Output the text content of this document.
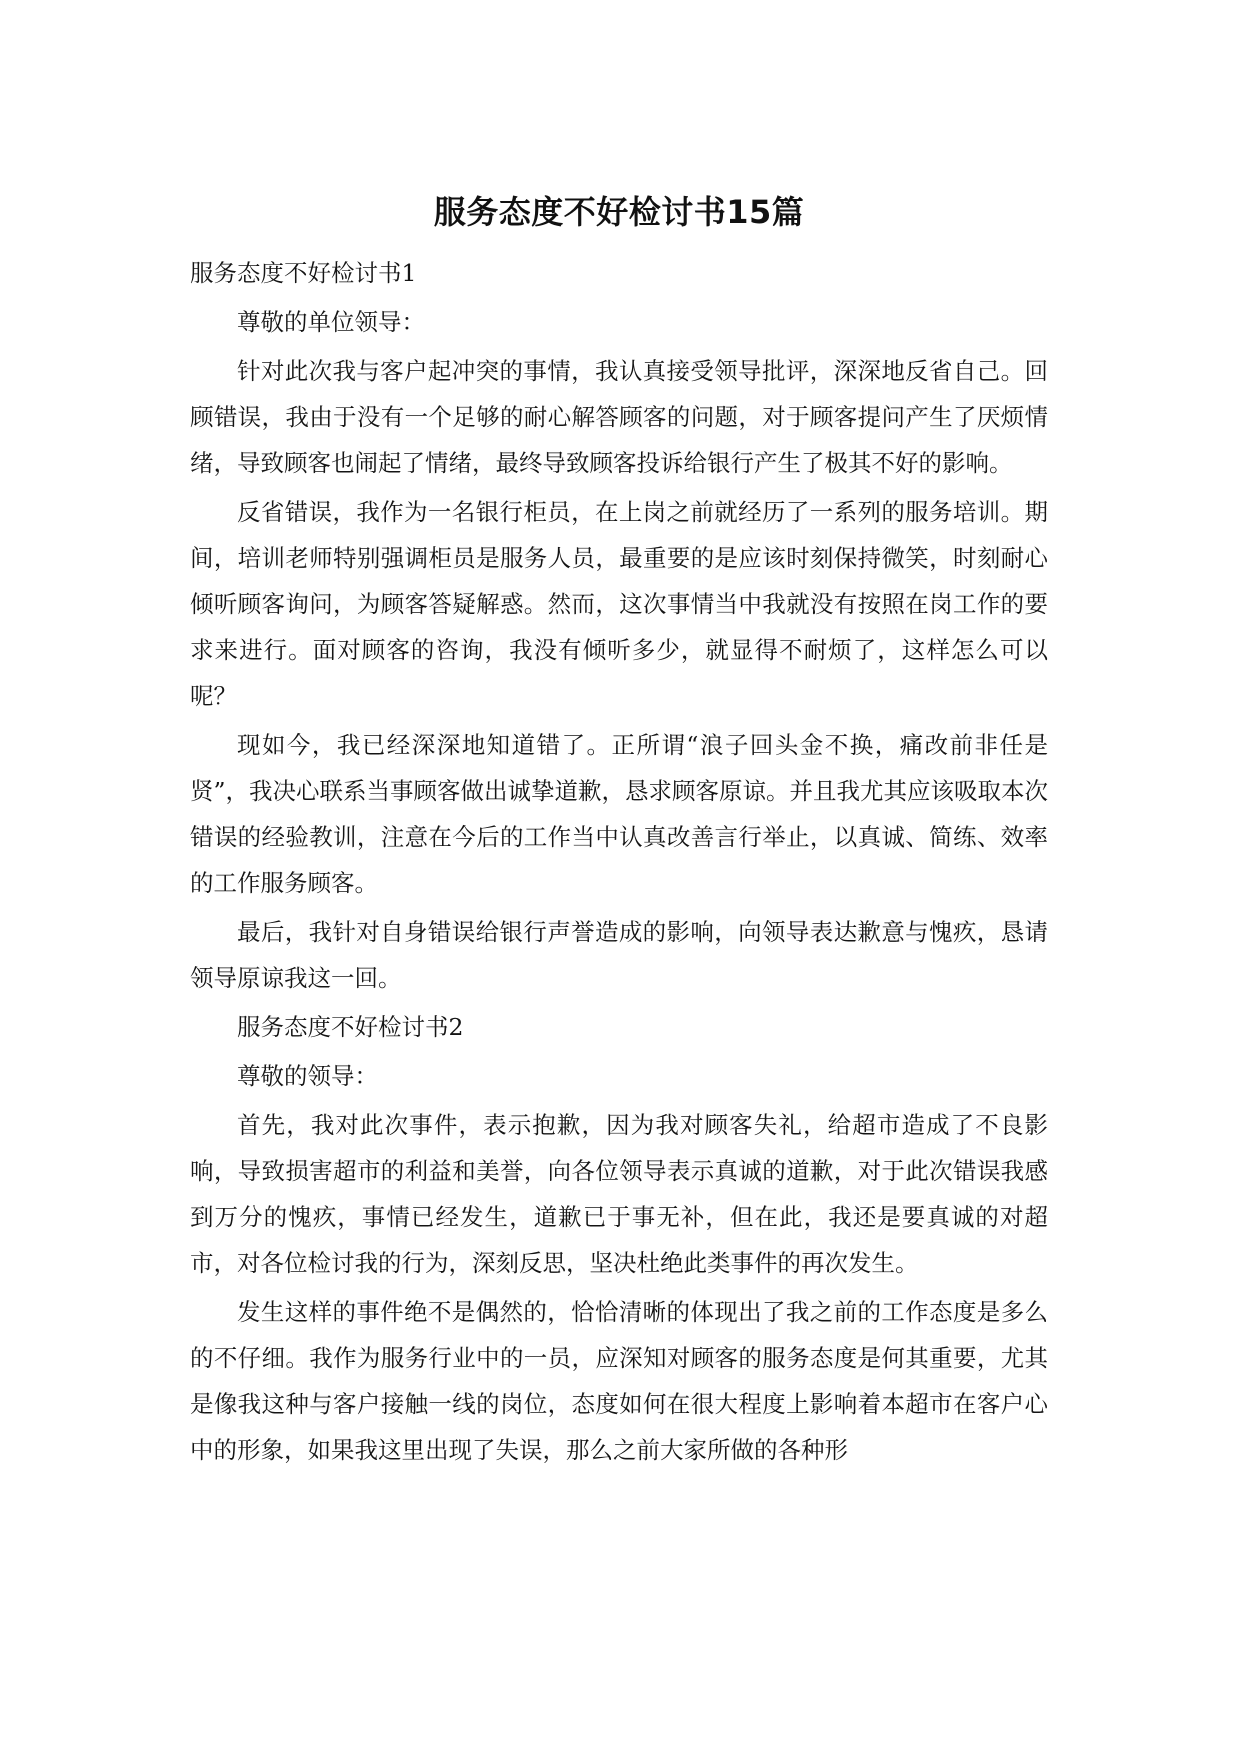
服务态度不好检讨书15篇

服务态度不好检讨书1

尊敬的单位领导：

针对此次我与客户起冲突的事情，我认真接受领导批评，深深地反省自己。回顾错误，我由于没有一个足够的耐心解答顾客的问题，对于顾客提问产生了厌烦情绪，导致顾客也闹起了情绪，最终导致顾客投诉给银行产生了极其不好的影响。

反省错误，我作为一名银行柜员，在上岗之前就经历了一系列的服务培训。期间，培训老师特别强调柜员是服务人员，最重要的是应该时刻保持微笑，时刻耐心倾听顾客询问，为顾客答疑解惑。然而，这次事情当中我就没有按照在岗工作的要求来进行。面对顾客的咨询，我没有倾听多少，就显得不耐烦了，这样怎么可以呢？

现如今，我已经深深地知道错了。正所谓“浪子回头金不换，痛改前非任是贤”，我决心联系当事顾客做出诚挚道歉，恳求顾客原谅。并且我尤其应该吸取本次错误的经验教训，注意在今后的工作当中认真改善言行举止，以真诚、简练、效率的工作服务顾客。

最后，我针对自身错误给银行声誉造成的影响，向领导表达歉意与愧疚，恳请领导原谅我这一回。

服务态度不好检讨书2

尊敬的领导：

首先，我对此次事件，表示抱歉，因为我对顾客失礼，给超市造成了不良影响，导致损害超市的利益和美誉，向各位领导表示真诚的道歉，对于此次错误我感到万分的愧疚，事情已经发生，道歉已于事无补，但在此，我还是要真诚的对超市，对各位检讨我的行为，深刻反思，坚决杜绝此类事件的再次发生。

发生这样的事件绝不是偶然的，恰恰清晰的体现出了我之前的工作态度是多么的不仔细。我作为服务行业中的一员，应深知对顾客的服务态度是何其重要，尤其是像我这种与客户接触一线的岗位，态度如何在很大程度上影响着本超市在客户心中的形象，如果我这里出现了失误，那么之前大家所做的各种形
